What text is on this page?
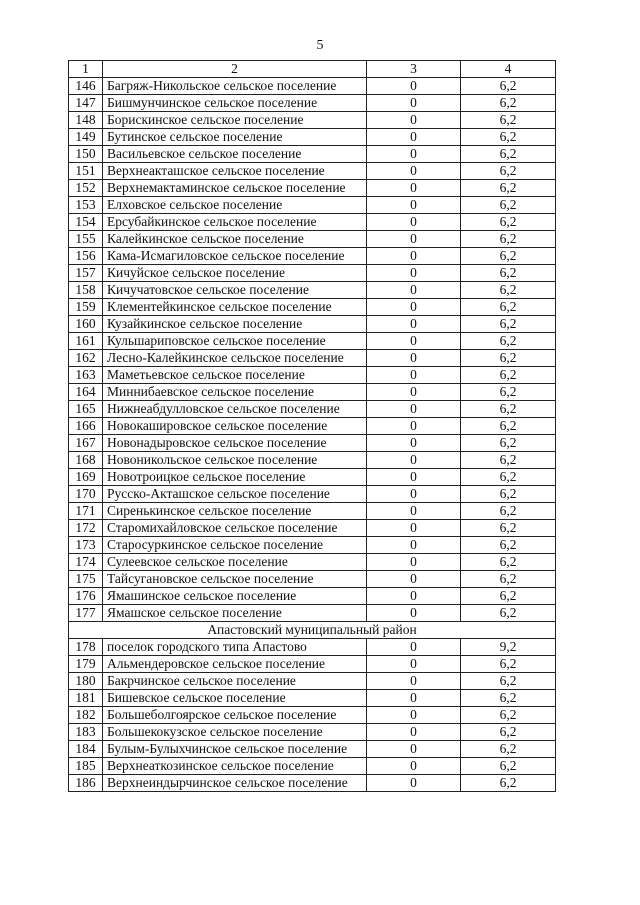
5
1	2	3	4
146	Багряж-Никольское сельское поселение	0	6,2
147	Бишмунчинское сельское поселение	0	6,2
148	Борискинское сельское поселение	0	6,2
149	Бутинское сельское поселение	0	6,2
150	Васильевское сельское поселение	0	6,2
151	Верхнеакташское сельское поселение	0	6,2
152	Верхнемактаминское сельское поселение	0	6,2
153	Елховское сельское поселение	0	6,2
154	Ерсубайкинское сельское поселение	0	6,2
155	Калейкинское сельское поселение	0	6,2
156	Кама-Исмагиловское сельское поселение	0	6,2
157	Кичуйское сельское поселение	0	6,2
158	Кичучатовское сельское поселение	0	6,2
159	Клементейкинское сельское поселение	0	6,2
160	Кузайкинское сельское поселение	0	6,2
161	Кульшариповское сельское поселение	0	6,2
162	Лесно-Калейкинское сельское поселение	0	6,2
163	Маметьевское сельское поселение	0	6,2
164	Миннибаевское сельское поселение	0	6,2
165	Нижнеабдулловское сельское поселение	0	6,2
166	Новокашировское сельское поселение	0	6,2
167	Новонадыровское сельское поселение	0	6,2
168	Новоникольское сельское поселение	0	6,2
169	Новотроицкое сельское поселение	0	6,2
170	Русско-Акташское сельское поселение	0	6,2
171	Сиренькинское сельское поселение	0	6,2
172	Старомихайловское сельское поселение	0	6,2
173	Старосуркинское сельское поселение	0	6,2
174	Сулеевское сельское поселение	0	6,2
175	Тайсугановское сельское поселение	0	6,2
176	Ямашинское сельское поселение	0	6,2
177	Ямашское сельское поселение	0	6,2
Апастовский муниципальный район			
178	поселок городского типа Апастово	0	9,2
179	Альмендеровское сельское поселение	0	6,2
180	Бакрчинское сельское поселение	0	6,2
181	Бишевское сельское поселение	0	6,2
182	Большеболгоярское сельское поселение	0	6,2
183	Большекокузское сельское поселение	0	6,2
184	Булым-Булыхчинское сельское поселение	0	6,2
185	Верхнеаткозинское сельское поселение	0	6,2
186	Верхнеиндырчинское сельское поселение	0	6,2
